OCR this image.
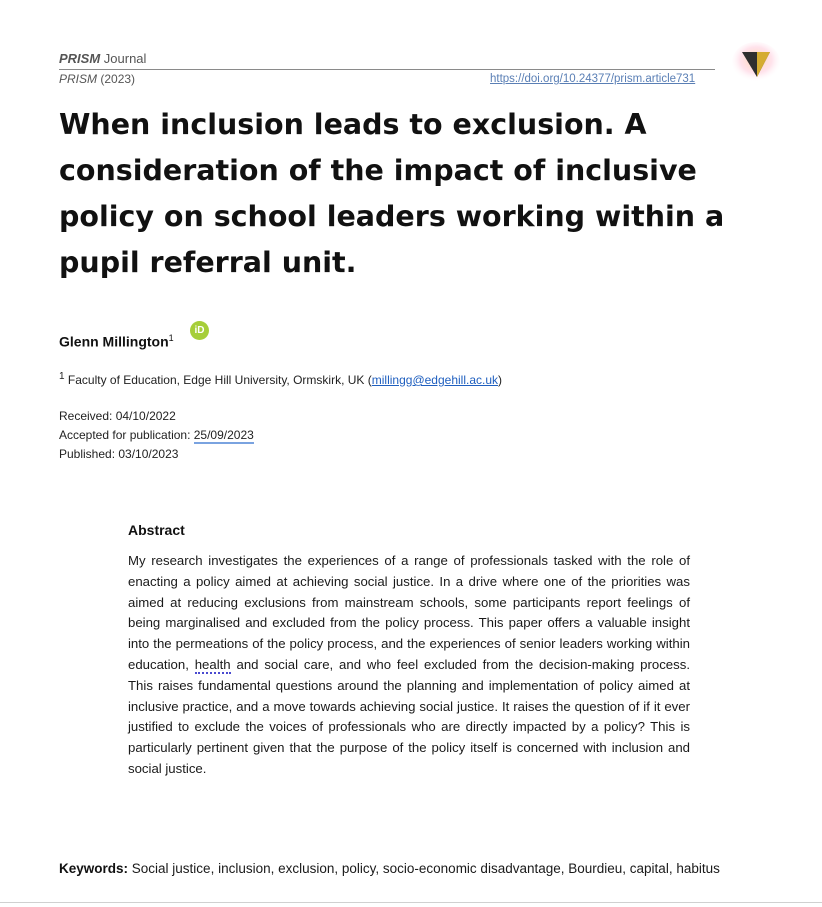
PRISM Journal
PRISM (2023)	https://doi.org/10.24377/prism.article731
When inclusion leads to exclusion. A consideration of the impact of inclusive policy on school leaders working within a pupil referral unit.
Glenn Millington$^1$
iD
$^1$ Faculty of Education, Edge Hill University, Ormskirk, UK (millingg@edgehill.ac.uk)
Received: 04/10/2022
Accepted for publication: 25/09/2023
Published: 03/10/2023
Abstract
My research investigates the experiences of a range of professionals tasked with the role of enacting a policy aimed at achieving social justice. In a drive where one of the priorities was aimed at reducing exclusions from mainstream schools, some participants report feelings of being marginalised and excluded from the policy process. This paper offers a valuable insight into the permeations of the policy process, and the experiences of senior leaders working within education, health and social care, and who feel excluded from the decision-making process. This raises fundamental questions around the planning and implementation of policy aimed at inclusive practice, and a move towards achieving social justice. It raises the question of if it ever justified to exclude the voices of professionals who are directly impacted by a policy? This is particularly pertinent given that the purpose of the policy itself is concerned with inclusion and social justice.
Keywords: Social justice, inclusion, exclusion, policy, socio-economic disadvantage, Bourdieu, capital, habitus
